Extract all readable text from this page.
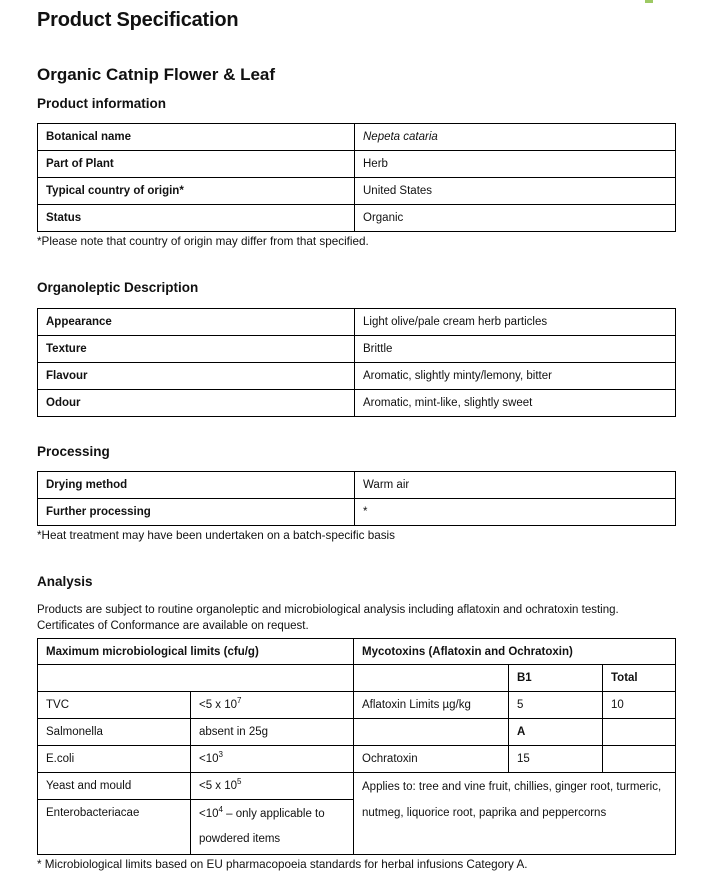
Product Specification
Organic Catnip Flower & Leaf
Product information
Botanical name	Nepeta cataria
Part of Plant	Herb
Typical country of origin*	United States
Status	Organic
*Please note that country of origin may differ from that specified.
Organoleptic Description
Appearance	Light olive/pale cream herb particles
Texture	Brittle
Flavour	Aromatic, slightly minty/lemony, bitter
Odour	Aromatic, mint-like, slightly sweet
Processing
Drying method	Warm air
Further processing	*
*Heat treatment may have been undertaken on a batch-specific basis
Analysis

Products are subject to routine organoleptic and microbiological analysis including aflatoxin and ochratoxin testing. Certificates of Conformance are available on request.

Maximum microbiological limits (cfu/g)		Mycotoxins (Aflatoxin and Ochratoxin)		
			B1	Total
TVC	<5 x $10^7$	Aflatoxin Limits µg/kg	5	10
Salmonella	absent in 25g		A	
E.coli	$<10^3$	Ochratoxin	15	
Yeast and mould	<5 x $10^5$	Applies to: tree and vine fruit, chillies, ginger root, turmeric, nutmeg, liquorice root, paprika and peppercorns		
Enterobacteriacae	$<10^4$ – only applicable to powdered items			
* Microbiological limits based on EU pharmacopoeia standards for herbal infusions Category A.
